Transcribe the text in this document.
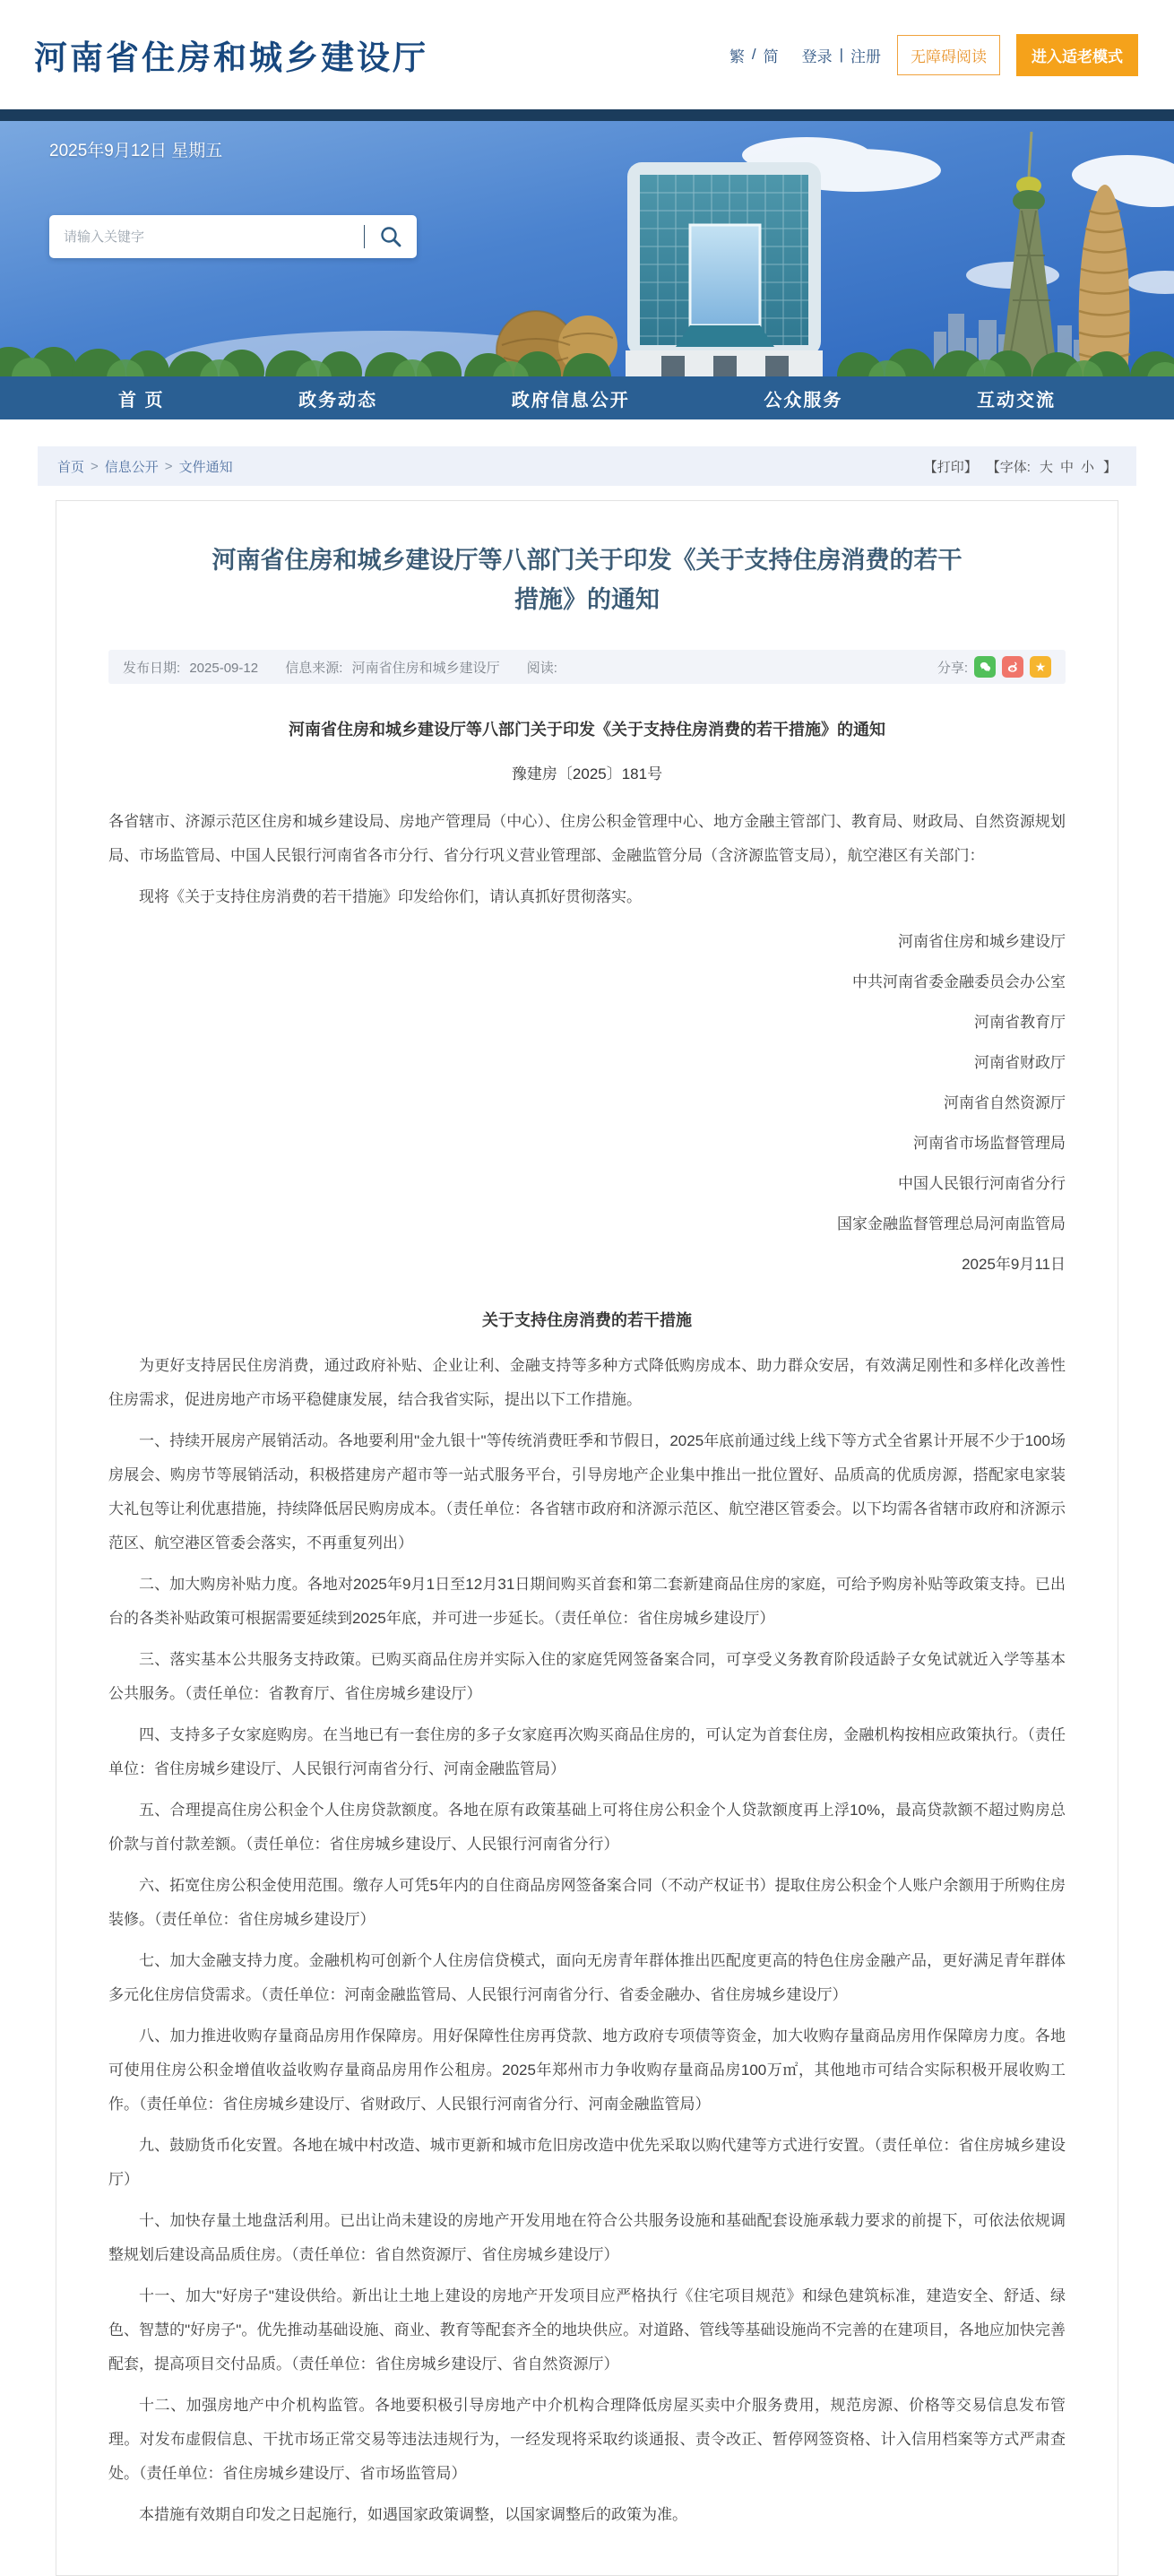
河南省住房和城乡建设厅	繁 / 简 登录 | 注册	无障碍阅读	进入适老模式
2025年9月12日 星期五
请输入关键字
首 页	政务动态	政府信息公开	公众服务	互动交流
首页 > 信息公开 > 文件通知	【打印】 【字体: 大 中 小 】
河南省住房和城乡建设厅等八部门关于印发《关于支持住房消费的若干措施》的通知
发布日期: 2025-09-12 信息来源: 河南省住房和城乡建设厅 阅读:	分享:	★
河南省住房和城乡建设厅等八部门关于印发《关于支持住房消费的若干措施》的通知
豫建房〔2025〕181号

各省辖市、济源示范区住房和城乡建设局、房地产管理局（中心）、住房公积金管理中心、地方金融主管部门、教育局、财政局、自然资源规划局、市场监管局、中国人民银行河南省各市分行、省分行巩义营业管理部、金融监管分局（含济源监管支局），航空港区有关部门：

现将《关于支持住房消费的若干措施》印发给你们，请认真抓好贯彻落实。

河南省住房和城乡建设厅
中共河南省委金融委员会办公室
河南省教育厅
河南省财政厅
河南省自然资源厅
河南省市场监督管理局
中国人民银行河南省分行
国家金融监督管理总局河南监管局
2025年9月11日
关于支持住房消费的若干措施

为更好支持居民住房消费，通过政府补贴、企业让利、金融支持等多种方式降低购房成本、助力群众安居，有效满足刚性和多样化改善性住房需求，促进房地产市场平稳健康发展，结合我省实际，提出以下工作措施。

一、持续开展房产展销活动。各地要利用"金九银十"等传统消费旺季和节假日，2025年底前通过线上线下等方式全省累计开展不少于100场房展会、购房节等展销活动，积极搭建房产超市等一站式服务平台，引导房地产企业集中推出一批位置好、品质高的优质房源，搭配家电家装大礼包等让利优惠措施，持续降低居民购房成本。（责任单位：各省辖市政府和济源示范区、航空港区管委会。以下均需各省辖市政府和济源示范区、航空港区管委会落实，不再重复列出）

二、加大购房补贴力度。各地对2025年9月1日至12月31日期间购买首套和第二套新建商品住房的家庭，可给予购房补贴等政策支持。已出台的各类补贴政策可根据需要延续到2025年底，并可进一步延长。（责任单位：省住房城乡建设厅）

三、落实基本公共服务支持政策。已购买商品住房并实际入住的家庭凭网签备案合同，可享受义务教育阶段适龄子女免试就近入学等基本公共服务。（责任单位：省教育厅、省住房城乡建设厅）

四、支持多子女家庭购房。在当地已有一套住房的多子女家庭再次购买商品住房的，可认定为首套住房，金融机构按相应政策执行。（责任单位：省住房城乡建设厅、人民银行河南省分行、河南金融监管局）

五、合理提高住房公积金个人住房贷款额度。各地在原有政策基础上可将住房公积金个人贷款额度再上浮10%，最高贷款额不超过购房总价款与首付款差额。（责任单位：省住房城乡建设厅、人民银行河南省分行）

六、拓宽住房公积金使用范围。缴存人可凭5年内的自住商品房网签备案合同（不动产权证书）提取住房公积金个人账户余额用于所购住房装修。（责任单位：省住房城乡建设厅）

七、加大金融支持力度。金融机构可创新个人住房信贷模式，面向无房青年群体推出匹配度更高的特色住房金融产品，更好满足青年群体多元化住房信贷需求。（责任单位：河南金融监管局、人民银行河南省分行、省委金融办、省住房城乡建设厅）

八、加力推进收购存量商品房用作保障房。用好保障性住房再贷款、地方政府专项债等资金，加大收购存量商品房用作保障房力度。各地可使用住房公积金增值收益收购存量商品房用作公租房。2025年郑州市力争收购存量商品房100万㎡，其他地市可结合实际积极开展收购工作。（责任单位：省住房城乡建设厅、省财政厅、人民银行河南省分行、河南金融监管局）

九、鼓励货币化安置。各地在城中村改造、城市更新和城市危旧房改造中优先采取以购代建等方式进行安置。（责任单位：省住房城乡建设厅）

十、加快存量土地盘活利用。已出让尚未建设的房地产开发用地在符合公共服务设施和基础配套设施承载力要求的前提下，可依法依规调整规划后建设高品质住房。（责任单位：省自然资源厅、省住房城乡建设厅）

十一、加大"好房子"建设供给。新出让土地上建设的房地产开发项目应严格执行《住宅项目规范》和绿色建筑标准，建造安全、舒适、绿色、智慧的"好房子"。优先推动基础设施、商业、教育等配套齐全的地块供应。对道路、管线等基础设施尚不完善的在建项目，各地应加快完善配套，提高项目交付品质。（责任单位：省住房城乡建设厅、省自然资源厅）

十二、加强房地产中介机构监管。各地要积极引导房地产中介机构合理降低房屋买卖中介服务费用，规范房源、价格等交易信息发布管理。对发布虚假信息、干扰市场正常交易等违法违规行为，一经发现将采取约谈通报、责令改正、暂停网签资格、计入信用档案等方式严肃查处。（责任单位：省住房城乡建设厅、省市场监管局）

本措施有效期自印发之日起施行，如遇国家政策调整，以国家调整后的政策为准。
